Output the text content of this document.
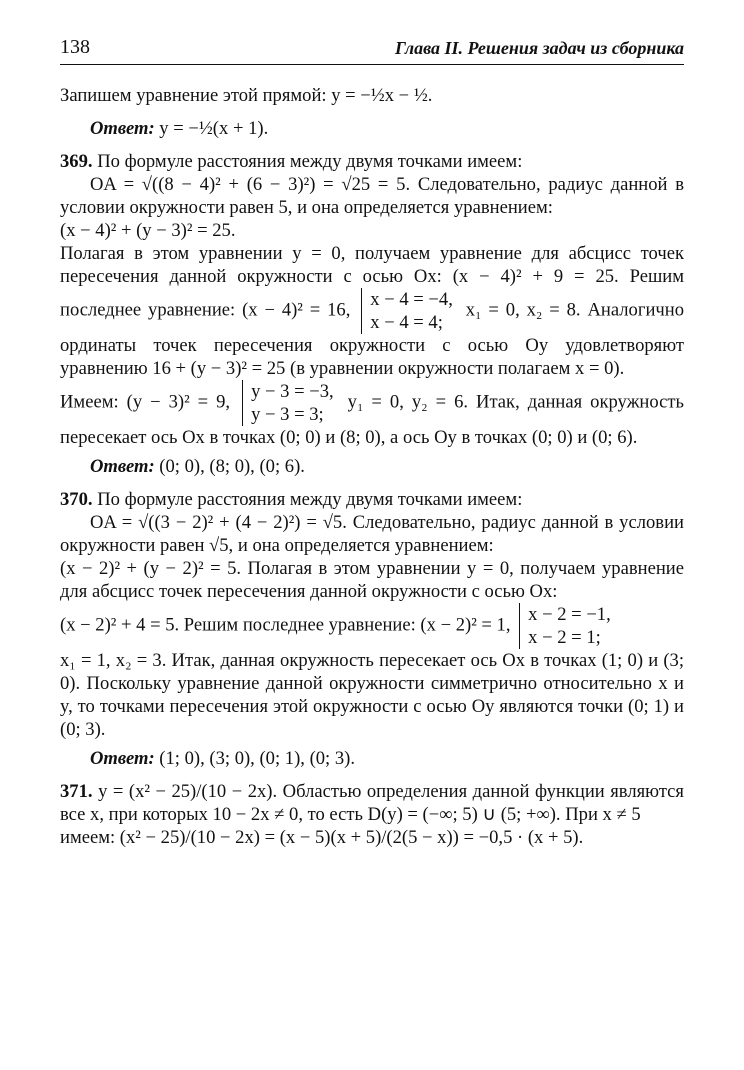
138	Глава II. Решения задач из сборника

Запишем уравнение этой прямой: y = −½x − ½.

Ответ: y = −½(x + 1).

369. По формуле расстояния между двумя точками имеем:

OA = √((8 − 4)² + (6 − 3)²) = √25 = 5. Следовательно, радиус данной в условии окружности равен 5, и она определяется уравнением:

(x − 4)² + (y − 3)² = 25.

Полагая в этом уравнении y = 0, получаем уравнение для абсцисс точек пересечения данной окружности с осью Ox: (x − 4)² + 9 = 25. Решим последнее уравнение: (x − 4)² = 16, x − 4 = −4,
x − 4 = 4;
x₁ = 0, x₂ = 8. Аналогично ординаты точек пересечения окружности с осью Oy удовлетворяют уравнению 16 + (y − 3)² = 25 (в уравнении окружности полагаем x = 0).

Имеем: (y − 3)² = 9, y − 3 = −3,
y − 3 = 3;
y₁ = 0, y₂ = 6. Итак, данная окружность пересекает ось Ox в точках (0; 0) и (8; 0), а ось Oy в точках (0; 0) и (0; 6).

Ответ: (0; 0), (8; 0), (0; 6).

370. По формуле расстояния между двумя точками имеем:

OA = √((3 − 2)² + (4 − 2)²) = √5. Следовательно, радиус данной в условии окружности равен √5, и она определяется уравнением:

(x − 2)² + (y − 2)² = 5. Полагая в этом уравнении y = 0, получаем уравнение для абсцисс точек пересечения данной окружности с осью Ox:

(x − 2)² + 4 = 5. Решим последнее уравнение: (x − 2)² = 1, x − 2 = −1,
x − 2 = 1;

x₁ = 1, x₂ = 3. Итак, данная окружность пересекает ось Ox в точках (1; 0) и (3; 0). Поскольку уравнение данной окружности симметрично относительно x и y, то точками пересечения этой окружности с осью Oy являются точки (0; 1) и (0; 3).

Ответ: (1; 0), (3; 0), (0; 1), (0; 3).

371. y = (x² − 25)/(10 − 2x). Областью определения данной функции являются все x, при которых 10 − 2x ≠ 0, то есть D(y) = (−∞; 5) ∪ (5; +∞). При x ≠ 5

имеем: (x² − 25)/(10 − 2x) = (x − 5)(x + 5)/(2(5 − x)) = −0,5 · (x + 5).
